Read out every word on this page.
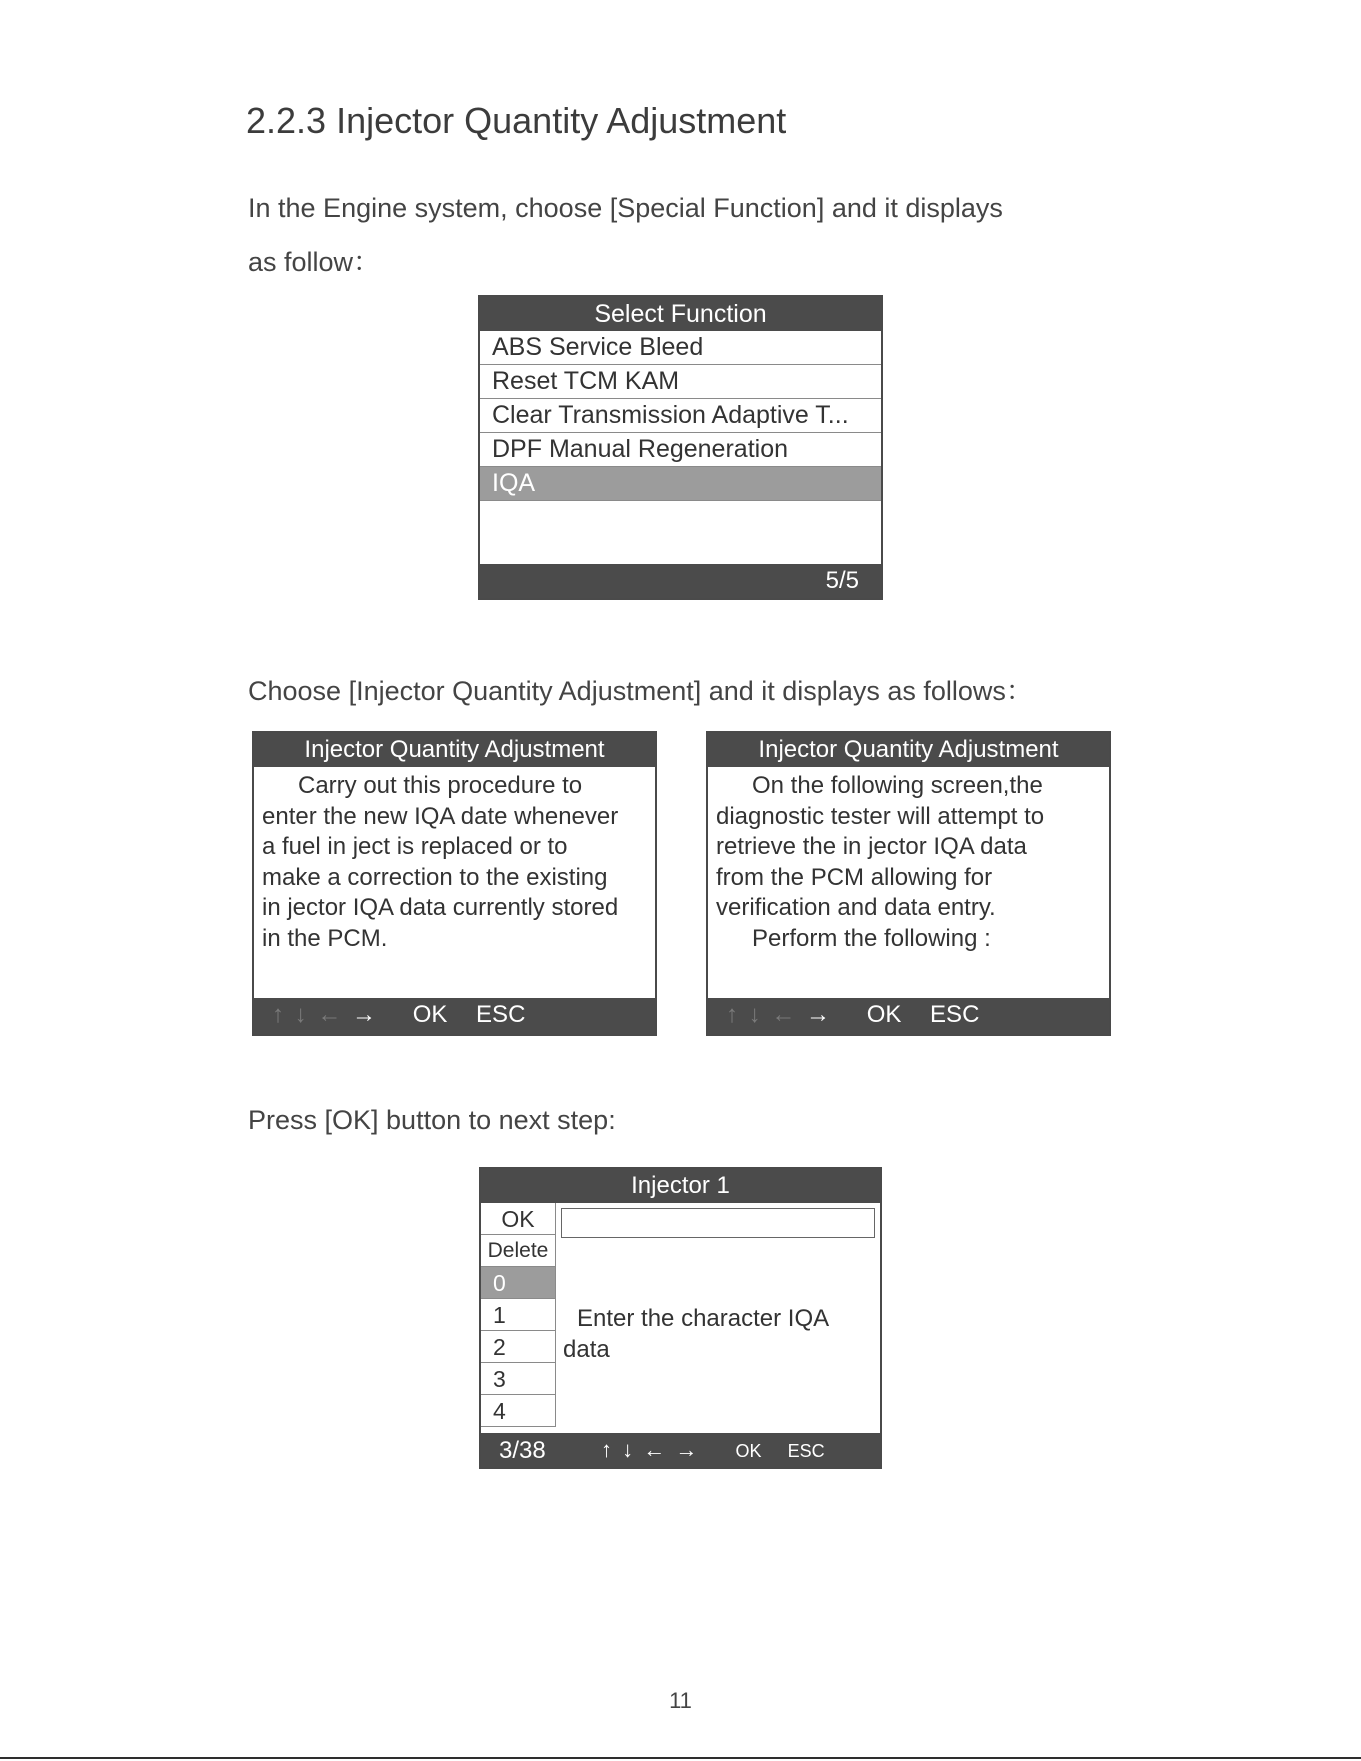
2.2.3 Injector Quantity Adjustment
In the Engine system, choose [Special Function] and it displays
as follow：
Select Function
ABS Service Bleed
Reset TCM KAM
Clear Transmission Adaptive T...
DPF Manual Regeneration
IQA
5/5
Choose [Injector Quantity Adjustment] and it displays as follows：
Injector Quantity Adjustment
Carry out this procedure to
enter the new IQA date whenever
a fuel in ject is replaced or to
make a correction to the existing
in jector IQA data currently stored
in the PCM.
↑ ↓ ← → OK ESC
Injector Quantity Adjustment
On the following screen,the
diagnostic tester will attempt to
retrieve the in jector IQA data
from the PCM allowing for
verification and data entry.
Perform the following :
↑ ↓ ← → OK ESC
Press [OK] button to next step:
Injector 1
OK
Delete
0
1
2
3
4
Enter the character IQA
data
3/38	↑ ↓ ← → OK ESC
11
